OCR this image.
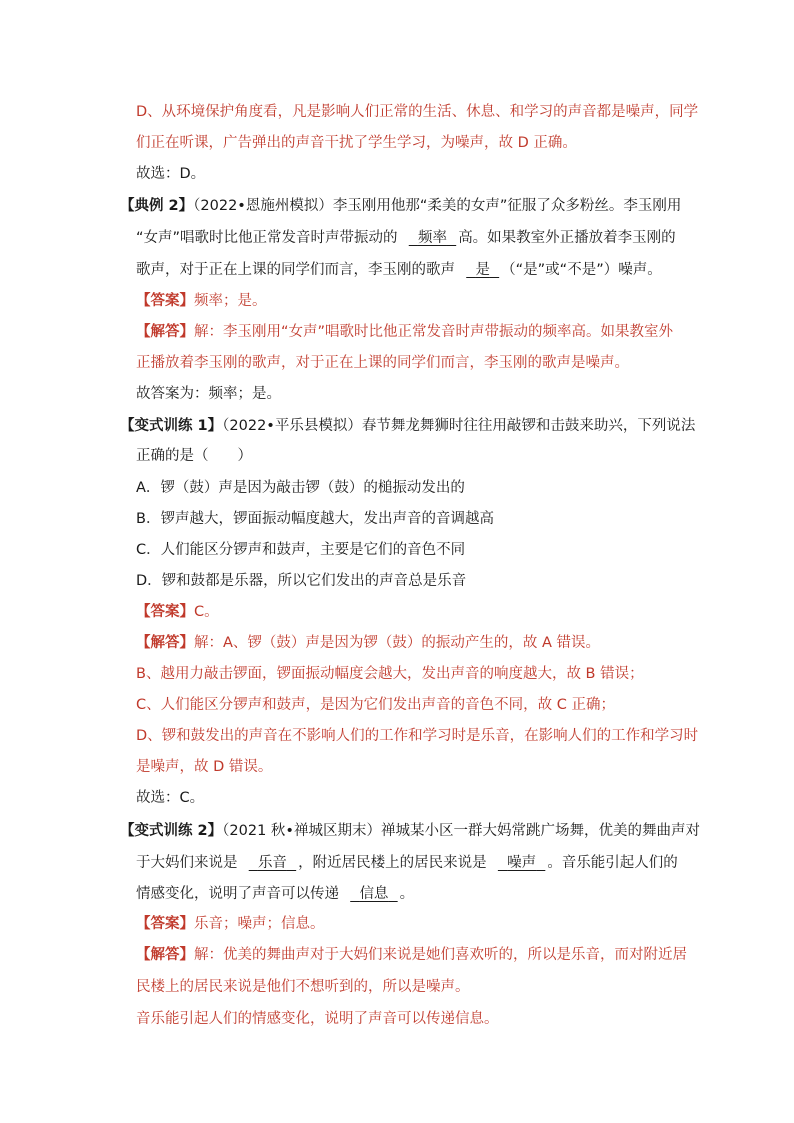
D、从环境保护角度看，凡是影响人们正常的生活、休息、和学习的声音都是噪声，同学
们正在听课，广告弹出的声音干扰了学生学习，为噪声，故 D 正确。
故选：D。
【典例 2】（2022•恩施州模拟）李玉刚用他那“柔美的女声”征服了众多粉丝。李玉刚用
“女声”唱歌时比他正常发音时声带振动的 频率 高。如果教室外正播放着李玉刚的
歌声，对于正在上课的同学们而言，李玉刚的歌声 是 （“是”或“不是”）噪声。
【答案】频率；是。
【解答】解：李玉刚用“女声”唱歌时比他正常发音时声带振动的频率高。如果教室外
正播放着李玉刚的歌声，对于正在上课的同学们而言，李玉刚的歌声是噪声。
故答案为：频率；是。
【变式训练 1】（2022•平乐县模拟）春节舞龙舞狮时往往用敲锣和击鼓来助兴，下列说法
正确的是（　　）
A．锣（鼓）声是因为敲击锣（鼓）的槌振动发出的
B．锣声越大，锣面振动幅度越大，发出声音的音调越高
C．人们能区分锣声和鼓声，主要是它们的音色不同
D．锣和鼓都是乐器，所以它们发出的声音总是乐音
【答案】C。
【解答】解：A、锣（鼓）声是因为锣（鼓）的振动产生的，故 A 错误。
B、越用力敲击锣面，锣面振动幅度会越大，发出声音的响度越大，故 B 错误；
C、人们能区分锣声和鼓声，是因为它们发出声音的音色不同，故 C 正确；
D、锣和鼓发出的声音在不影响人们的工作和学习时是乐音，在影响人们的工作和学习时
是噪声，故 D 错误。
故选：C。
【变式训练 2】（2021 秋•禅城区期末）禅城某小区一群大妈常跳广场舞，优美的舞曲声对
于大妈们来说是 乐音 ，附近居民楼上的居民来说是 噪声 。音乐能引起人们的
情感变化，说明了声音可以传递 信息 。
【答案】乐音；噪声；信息。
【解答】解：优美的舞曲声对于大妈们来说是她们喜欢听的，所以是乐音，而对附近居
民楼上的居民来说是他们不想听到的，所以是噪声。
音乐能引起人们的情感变化，说明了声音可以传递信息。
